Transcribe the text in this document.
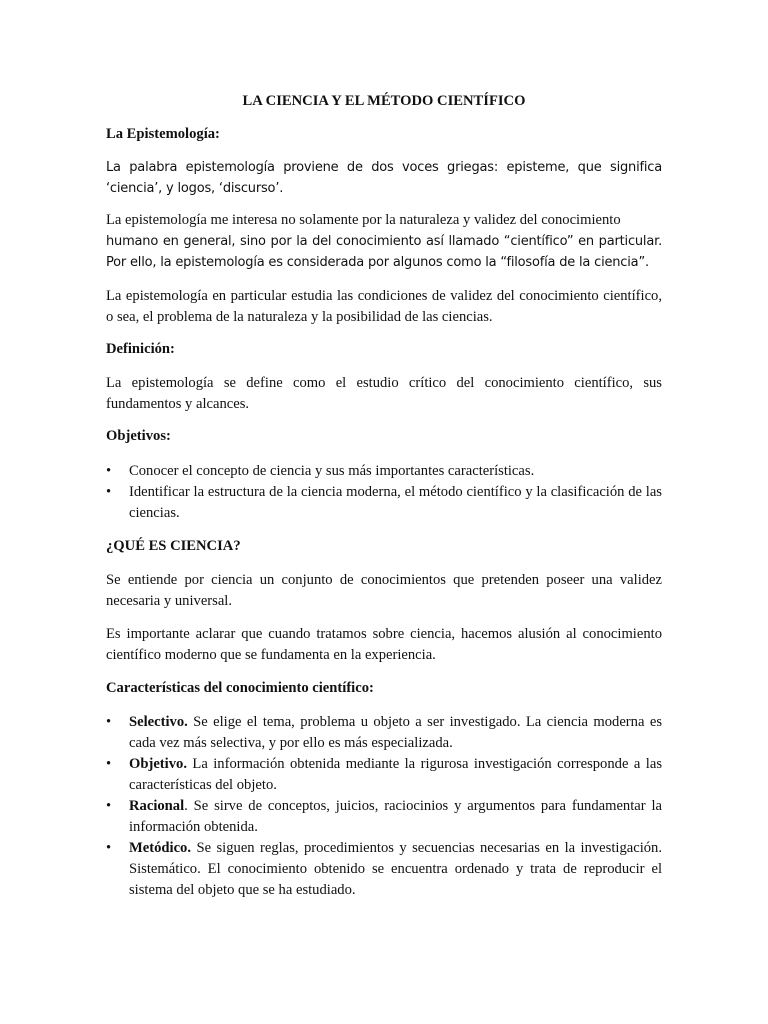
LA CIENCIA Y EL MÉTODO CIENTÍFICO
La Epistemología:

La palabra epistemología proviene de dos voces griegas: episteme, que significa ‘ciencia’, y logos, ‘discurso’.

La epistemología me interesa no solamente por la naturaleza y validez del conocimiento
humano en general, sino por la del conocimiento así llamado “científico” en particular. Por ello, la epistemología es considerada por algunos como la “filosofía de la ciencia”.

La epistemología en particular estudia las condiciones de validez del conocimiento científico, o sea, el problema de la naturaleza y la posibilidad de las ciencias.

Definición:

La epistemología se define como el estudio crítico del conocimiento científico, sus fundamentos y alcances.

Objetivos:
• Conocer el concepto de ciencia y sus más importantes características.
• Identificar la estructura de la ciencia moderna, el método científico y la clasificación de las ciencias.
¿QUÉ ES CIENCIA?

Se entiende por ciencia un conjunto de conocimientos que pretenden poseer una validez necesaria y universal.

Es importante aclarar que cuando tratamos sobre ciencia, hacemos alusión al conocimiento científico moderno que se fundamenta en la experiencia.

Características del conocimiento científico:
• Selectivo. Se elige el tema, problema u objeto a ser investigado. La ciencia moderna es cada vez más selectiva, y por ello es más especializada.
• Objetivo. La información obtenida mediante la rigurosa investigación corresponde a las características del objeto.
• Racional. Se sirve de conceptos, juicios, raciocinios y argumentos para fundamentar la información obtenida.
• Metódico. Se siguen reglas, procedimientos y secuencias necesarias en la investigación. Sistemático. El conocimiento obtenido se encuentra ordenado y trata de reproducir el sistema del objeto que se ha estudiado.
